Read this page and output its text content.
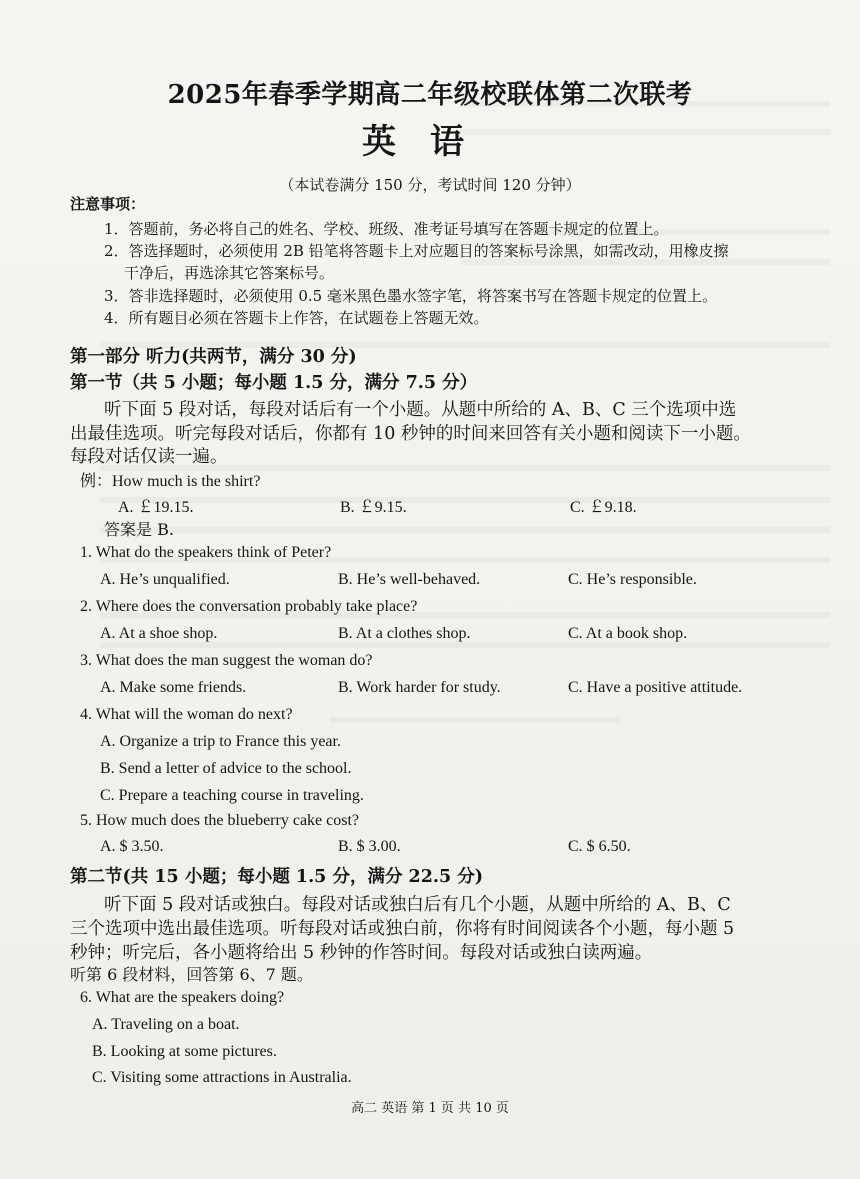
2025年春季学期高二年级校联体第二次联考
英语
（本试卷满分 150 分，考试时间 120 分钟）
注意事项：
1．答题前，务必将自己的姓名、学校、班级、准考证号填写在答题卡规定的位置上。
2．答选择题时，必须使用 2B 铅笔将答题卡上对应题目的答案标号涂黑，如需改动，用橡皮擦
干净后，再选涂其它答案标号。
3．答非选择题时，必须使用 0.5 毫米黑色墨水签字笔，将答案书写在答题卡规定的位置上。
4．所有题目必须在答题卡上作答，在试题卷上答题无效。
第一部分 听力(共两节，满分 30 分)
第一节（共 5 小题；每小题 1.5 分，满分 7.5 分）
听下面 5 段对话，每段对话后有一个小题。从题中所给的 A、B、C 三个选项中选
出最佳选项。听完每段对话后，你都有 10 秒钟的时间来回答有关小题和阅读下一小题。
每段对话仅读一遍。
例：How much is the shirt?
A. ￡19.15.	B. ￡9.15.	C. ￡9.18.
答案是 B.
1. What do the speakers think of Peter?
A. He’s unqualified.	B. He’s well-behaved.	C. He’s responsible.
2. Where does the conversation probably take place?
A. At a shoe shop.	B. At a clothes shop.	C. At a book shop.
3. What does the man suggest the woman do?
A. Make some friends.	B. Work harder for study.	C. Have a positive attitude.
4. What will the woman do next?
A. Organize a trip to France this year.
B. Send a letter of advice to the school.
C. Prepare a teaching course in traveling.
5. How much does the blueberry cake cost?
A. $ 3.50.	B. $ 3.00.	C. $ 6.50.
第二节(共 15 小题；每小题 1.5 分，满分 22.5 分)
听下面 5 段对话或独白。每段对话或独白后有几个小题，从题中所给的 A、B、C
三个选项中选出最佳选项。听每段对话或独白前，你将有时间阅读各个小题，每小题 5
秒钟；听完后，各小题将给出 5 秒钟的作答时间。每段对话或独白读两遍。
听第 6 段材料，回答第 6、7 题。
6. What are the speakers doing?
A. Traveling on a boat.
B. Looking at some pictures.
C. Visiting some attractions in Australia.
高二 英语 第 1 页 共 10 页
